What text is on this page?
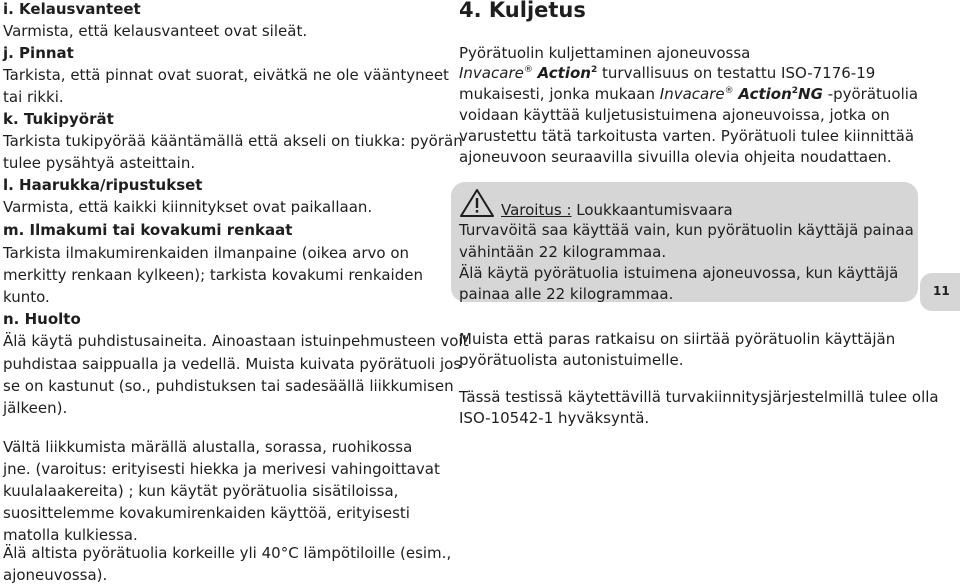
i. Kelausvanteet
Varmista, että kelausvanteet ovat sileät.
j. Pinnat
Tarkista, että pinnat ovat suorat, eivätkä ne ole vääntyneet
tai rikki.
k. Tukipyörät
Tarkista tukipyörää kääntämällä että akseli on tiukka: pyörän
tulee pysähtyä asteittain.
l. Haarukka/ripustukset
Varmista, että kaikki kiinnitykset ovat paikallaan.
m. Ilmakumi tai kovakumi renkaat
Tarkista ilmakumirenkaiden ilmanpaine (oikea arvo on
merkitty renkaan kylkeen); tarkista kovakumi renkaiden
kunto.
n. Huolto
Älä käytä puhdistusaineita. Ainoastaan istuinpehmusteen voit
puhdistaa saippualla ja vedellä. Muista kuivata pyörätuoli jos
se on kastunut (so., puhdistuksen tai sadesäällä liikkumisen
jälkeen).
Vältä liikkumista märällä alustalla, sorassa, ruohikossa
jne. (varoitus: erityisesti hiekka ja merivesi vahingoittavat
kuulalaakereita) ; kun käytät pyörätuolia sisätiloissa,
suosittelemme kovakumirenkaiden käyttöä, erityisesti
matolla kulkiessa.
Älä altista pyörätuolia korkeille yli 40°C lämpötiloille (esim.,
ajoneuvossa).
4. Kuljetus
Pyörätuolin kuljettaminen ajoneuvossa
Invacare® Action$^2$ turvallisuus on testattu ISO-7176-19
mukaisesti, jonka mukaan Invacare® Action$^2$NG -pyörätuolia
voidaan käyttää kuljetusistuimena ajoneuvoissa, jotka on
varustettu tätä tarkoitusta varten. Pyörätuoli tulee kiinnittää
ajoneuvoon seuraavilla sivuilla olevia ohjeita noudattaen.
Varoitus : Loukkaantumisvaara
Turvavöitä saa käyttää vain, kun pyörätuolin käyttäjä painaa
vähintään 22 kilogrammaa.
Älä käytä pyörätuolia istuimena ajoneuvossa, kun käyttäjä
painaa alle 22 kilogrammaa.
Muista että paras ratkaisu on siirtää pyörätuolin käyttäjän
pyörätuolista autonistuimelle.
Tässä testissä käytettävillä turvakiinnitysjärjestelmillä tulee olla
ISO-10542-1 hyväksyntä.
11
